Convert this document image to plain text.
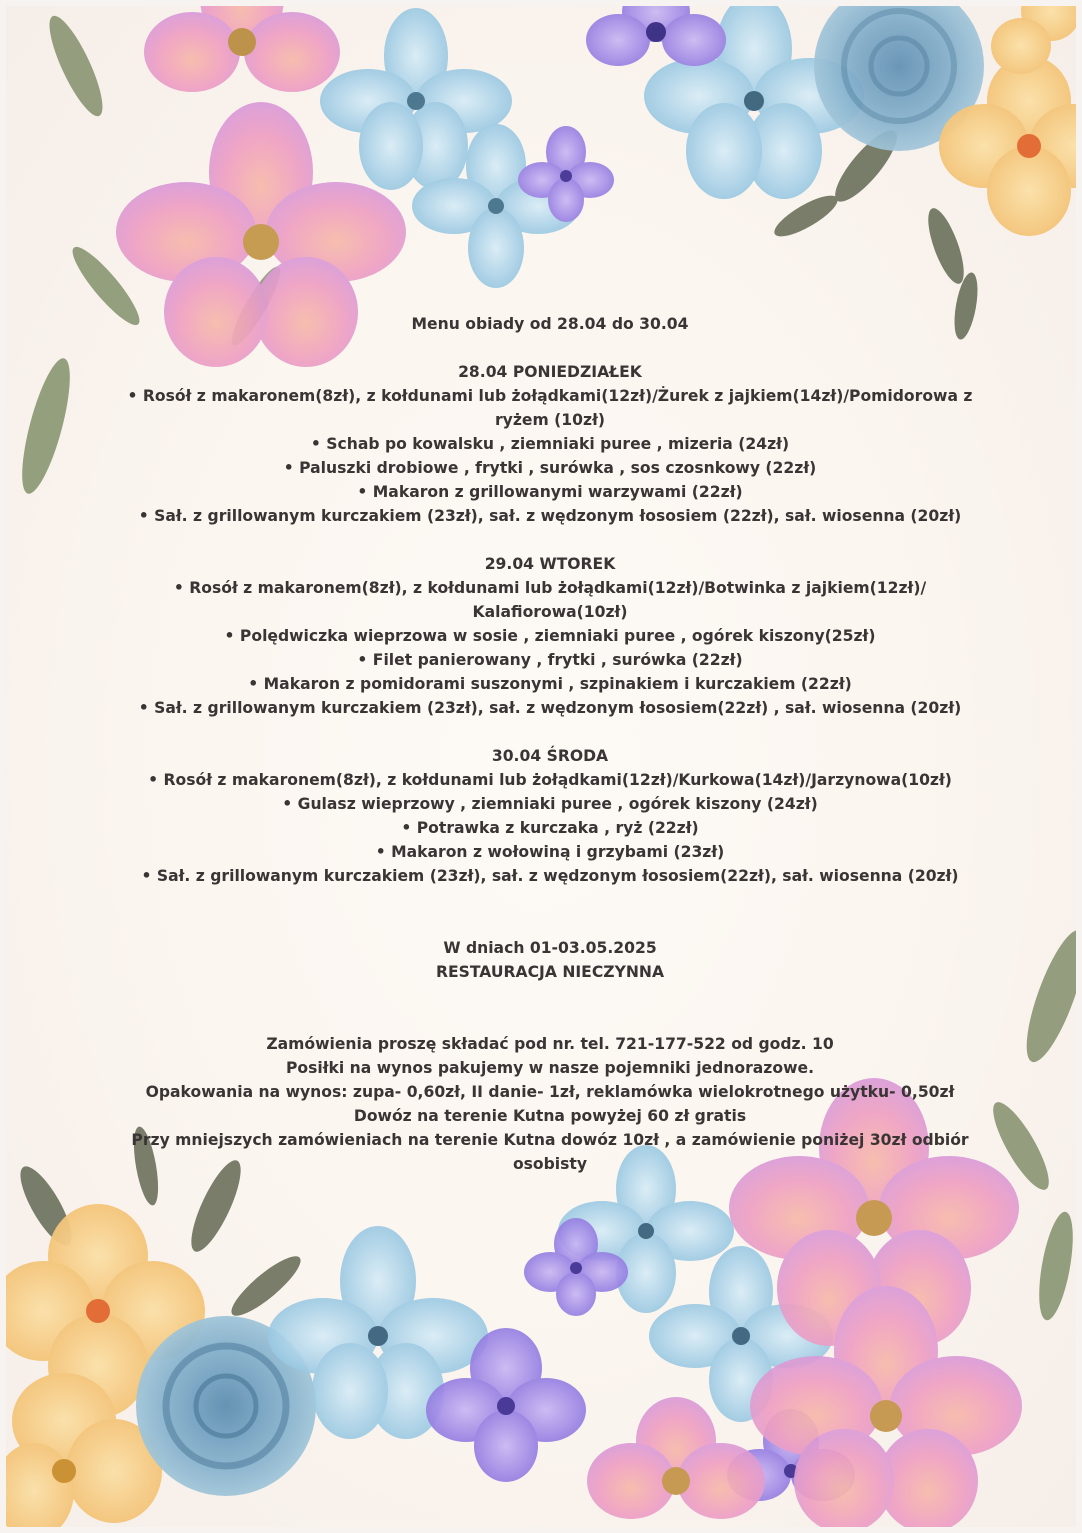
Menu obiady od 28.04 do 30.04
28.04 PONIEDZIAŁEK
• Rosół z makaronem(8zł), z kołdunami lub żołądkami(12zł)/Żurek z jajkiem(14zł)/Pomidorowa z ryżem (10zł)
• Schab po kowalsku , ziemniaki puree , mizeria (24zł)
• Paluszki drobiowe , frytki , surówka , sos czosnkowy (22zł)
• Makaron z grillowanymi warzywami (22zł)
• Sał. z grillowanym kurczakiem (23zł), sał. z wędzonym łososiem (22zł), sał. wiosenna (20zł)
29.04 WTOREK
• Rosół z makaronem(8zł), z kołdunami lub żołądkami(12zł)/Botwinka z jajkiem(12zł)/ Kalafiorowa(10zł)
• Polędwiczka wieprzowa w sosie , ziemniaki puree , ogórek kiszony(25zł)
• Filet panierowany , frytki , surówka (22zł)
• Makaron z pomidorami suszonymi , szpinakiem i kurczakiem (22zł)
• Sał. z grillowanym kurczakiem (23zł), sał. z wędzonym łososiem(22zł) , sał. wiosenna (20zł)
30.04 ŚRODA
• Rosół z makaronem(8zł), z kołdunami lub żołądkami(12zł)/Kurkowa(14zł)/Jarzynowa(10zł)
• Gulasz wieprzowy , ziemniaki puree , ogórek kiszony (24zł)
• Potrawka z kurczaka , ryż (22zł)
• Makaron z wołowiną i grzybami (23zł)
• Sał. z grillowanym kurczakiem (23zł), sał. z wędzonym łososiem(22zł), sał. wiosenna (20zł)
W dniach 01-03.05.2025
RESTAURACJA NIECZYNNA
Zamówienia proszę składać pod nr. tel. 721-177-522 od godz. 10
Posiłki na wynos pakujemy w nasze pojemniki jednorazowe.
Opakowania na wynos: zupa- 0,60zł, II danie- 1zł, reklamówka wielokrotnego użytku- 0,50zł
Dowóz na terenie Kutna powyżej 60 zł gratis
Przy mniejszych zamówieniach na terenie Kutna dowóz 10zł , a zamówienie poniżej 30zł odbiór osobisty
